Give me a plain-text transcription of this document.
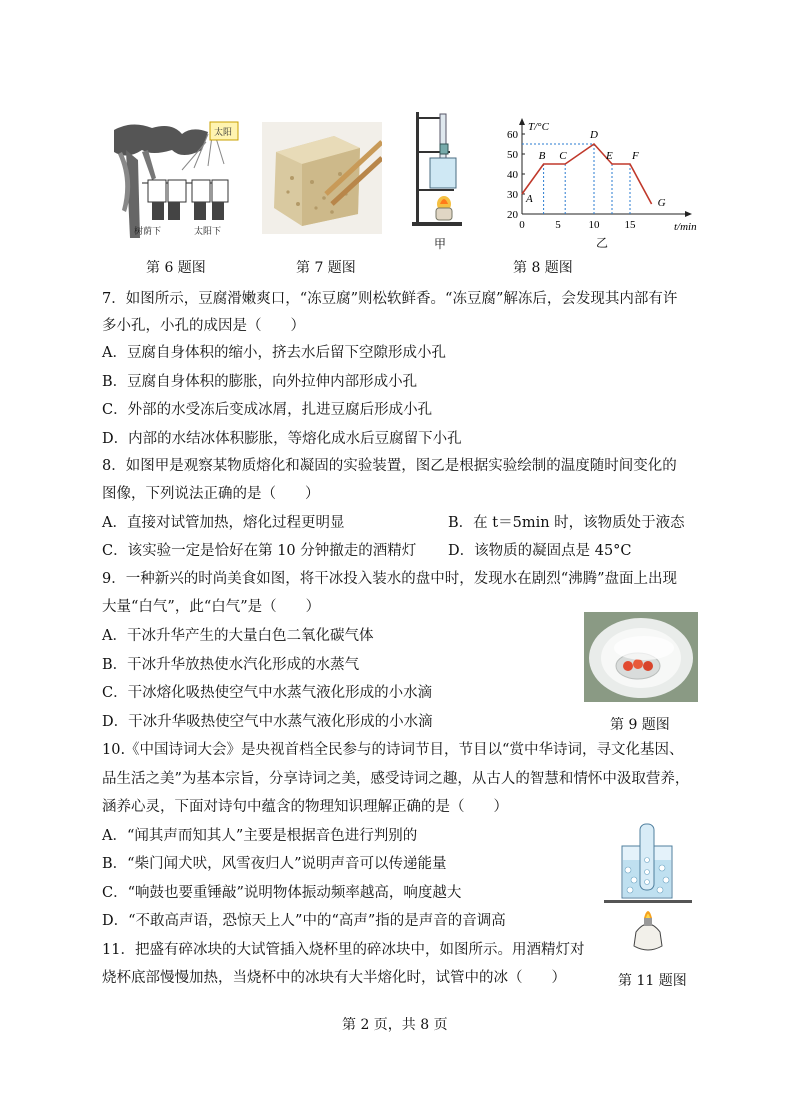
太阳
树荫下	太阳下
第 6 题图	第 7 题图
甲
T/°C
t/min
20
30
40
50
60
0	5	10 15
A
B C
D
E F
G
乙
第 8 题图
7．如图所示，豆腐滑嫩爽口，“冻豆腐”则松软鲜香。“冻豆腐”解冻后，会发现其内部有许
多小孔，小孔的成因是（　　）
A．豆腐自身体积的缩小，挤去水后留下空隙形成小孔
B．豆腐自身体积的膨胀，向外拉伸内部形成小孔
C．外部的水受冻后变成冰屑，扎进豆腐后形成小孔
D．内部的水结冰体积膨胀，等熔化成水后豆腐留下小孔
8．如图甲是观察某物质熔化和凝固的实验装置，图乙是根据实验绘制的温度随时间变化的
图像，下列说法正确的是（　　）
A．直接对试管加热，熔化过程更明显	B．在 t＝5min 时，该物质处于液态
C．该实验一定是恰好在第 10 分钟撤走的酒精灯 D．该物质的凝固点是 45°C
9．一种新兴的时尚美食如图，将干冰投入装水的盘中时，发现水在剧烈“沸腾”盘面上出现
大量“白气”，此“白气”是（　　）
A．干冰升华产生的大量白色二氧化碳气体
B．干冰升华放热使水汽化形成的水蒸气
C．干冰熔化吸热使空气中水蒸气液化形成的小水滴
D．干冰升华吸热使空气中水蒸气液化形成的小水滴	第 9 题图
10.《中国诗词大会》是央视首档全民参与的诗词节目，节目以“赏中华诗词，寻文化基因、
品生活之美”为基本宗旨，分享诗词之美，感受诗词之趣，从古人的智慧和情怀中汲取营养，
涵养心灵，下面对诗句中蕴含的物理知识理解正确的是（　　）
A．“闻其声而知其人”主要是根据音色进行判别的
B．“柴门闻犬吠，风雪夜归人”说明声音可以传递能量
C．“响鼓也要重锤敲”说明物体振动频率越高，响度越大
D．“不敢高声语，恐惊天上人”中的“高声”指的是声音的音调高
11．把盛有碎冰块的大试管插入烧杯里的碎冰块中，如图所示。用酒精灯对
烧杯底部慢慢加热，当烧杯中的冰块有大半熔化时，试管中的冰（　　）	第 11 题图
第 2 页，共 8 页
